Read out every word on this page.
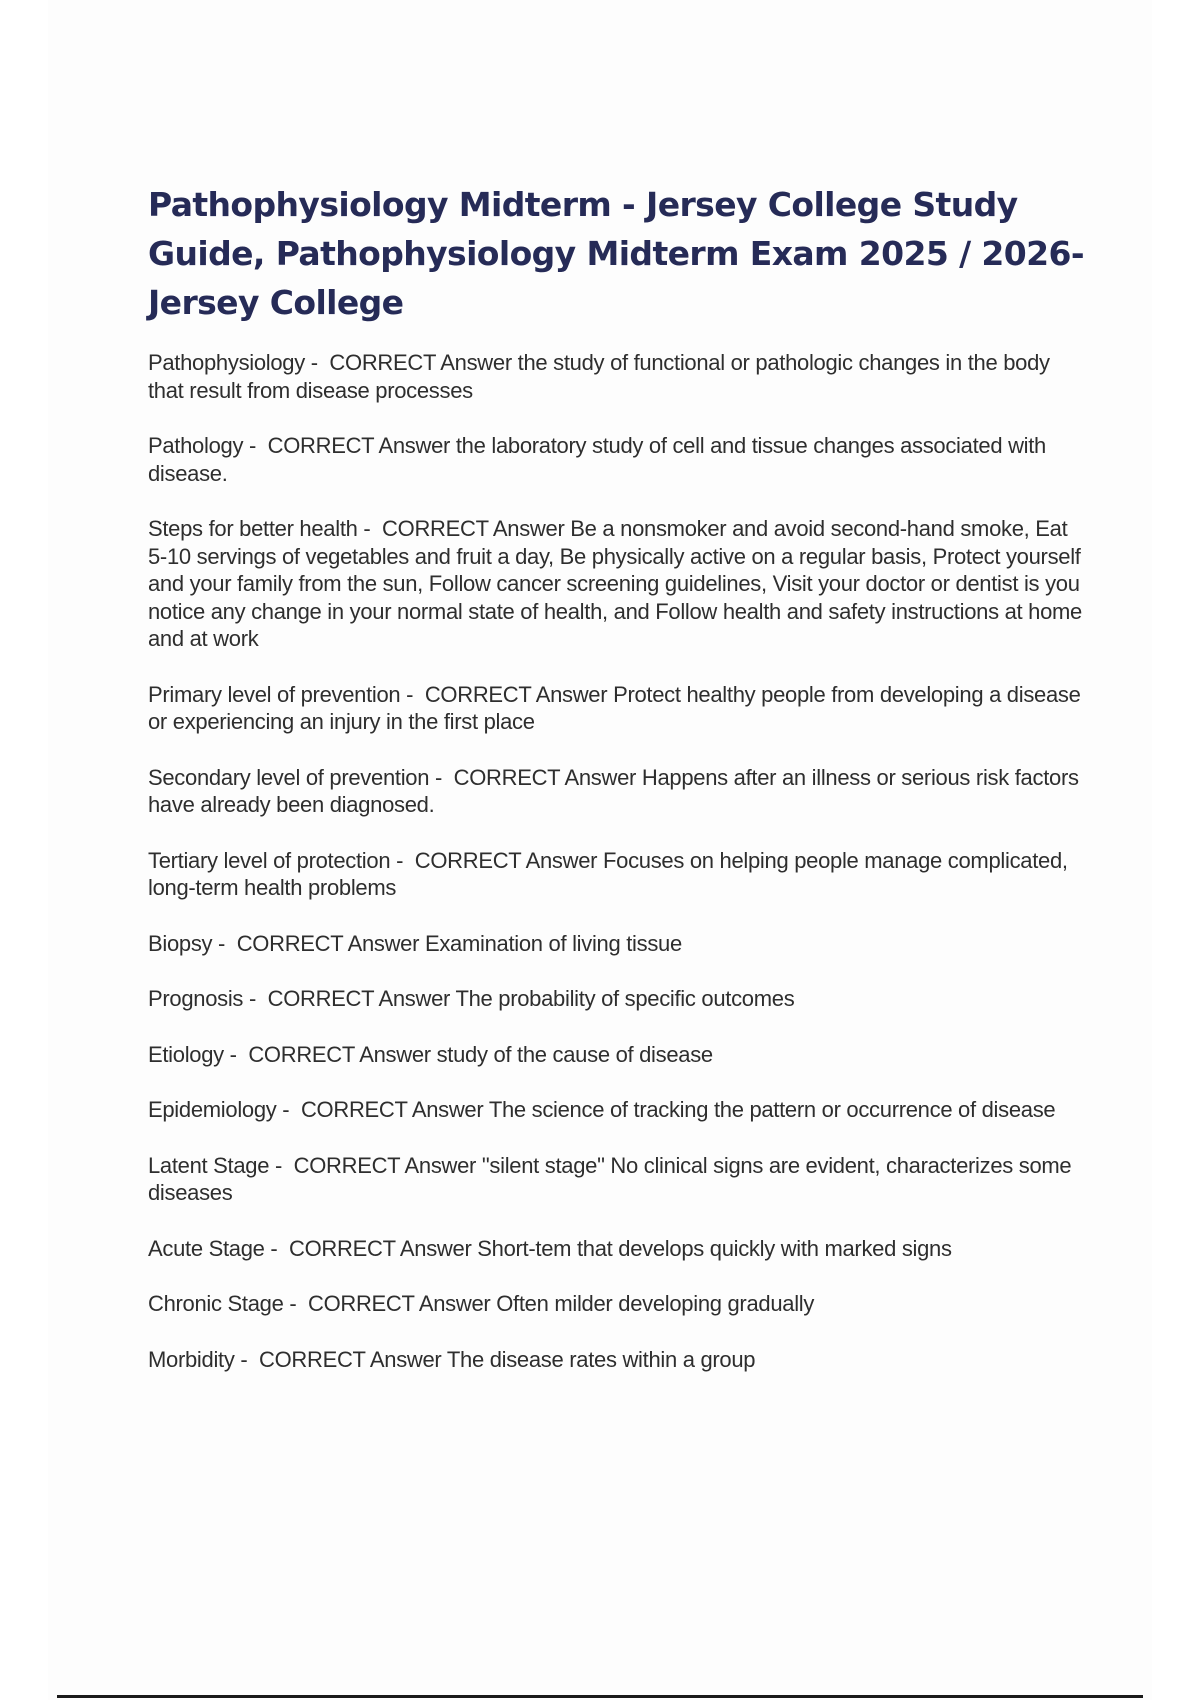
Pathophysiology Midterm - Jersey College Study Guide, Pathophysiology Midterm Exam 2025 / 2026- Jersey College

Pathophysiology - CORRECT Answer the study of functional or pathologic changes in the body that result from disease processes

Pathology - CORRECT Answer the laboratory study of cell and tissue changes associated with disease.

Steps for better health - CORRECT Answer Be a nonsmoker and avoid second-hand smoke, Eat 5-10 servings of vegetables and fruit a day, Be physically active on a regular basis, Protect yourself and your family from the sun, Follow cancer screening guidelines, Visit your doctor or dentist is you notice any change in your normal state of health, and Follow health and safety instructions at home and at work

Primary level of prevention - CORRECT Answer Protect healthy people from developing a disease or experiencing an injury in the first place

Secondary level of prevention - CORRECT Answer Happens after an illness or serious risk factors have already been diagnosed.

Tertiary level of protection - CORRECT Answer Focuses on helping people manage complicated, long-term health problems

Biopsy - CORRECT Answer Examination of living tissue

Prognosis - CORRECT Answer The probability of specific outcomes

Etiology - CORRECT Answer study of the cause of disease

Epidemiology - CORRECT Answer The science of tracking the pattern or occurrence of disease

Latent Stage - CORRECT Answer "silent stage" No clinical signs are evident, characterizes some diseases

Acute Stage - CORRECT Answer Short-tem that develops quickly with marked signs

Chronic Stage - CORRECT Answer Often milder developing gradually

Morbidity - CORRECT Answer The disease rates within a group
